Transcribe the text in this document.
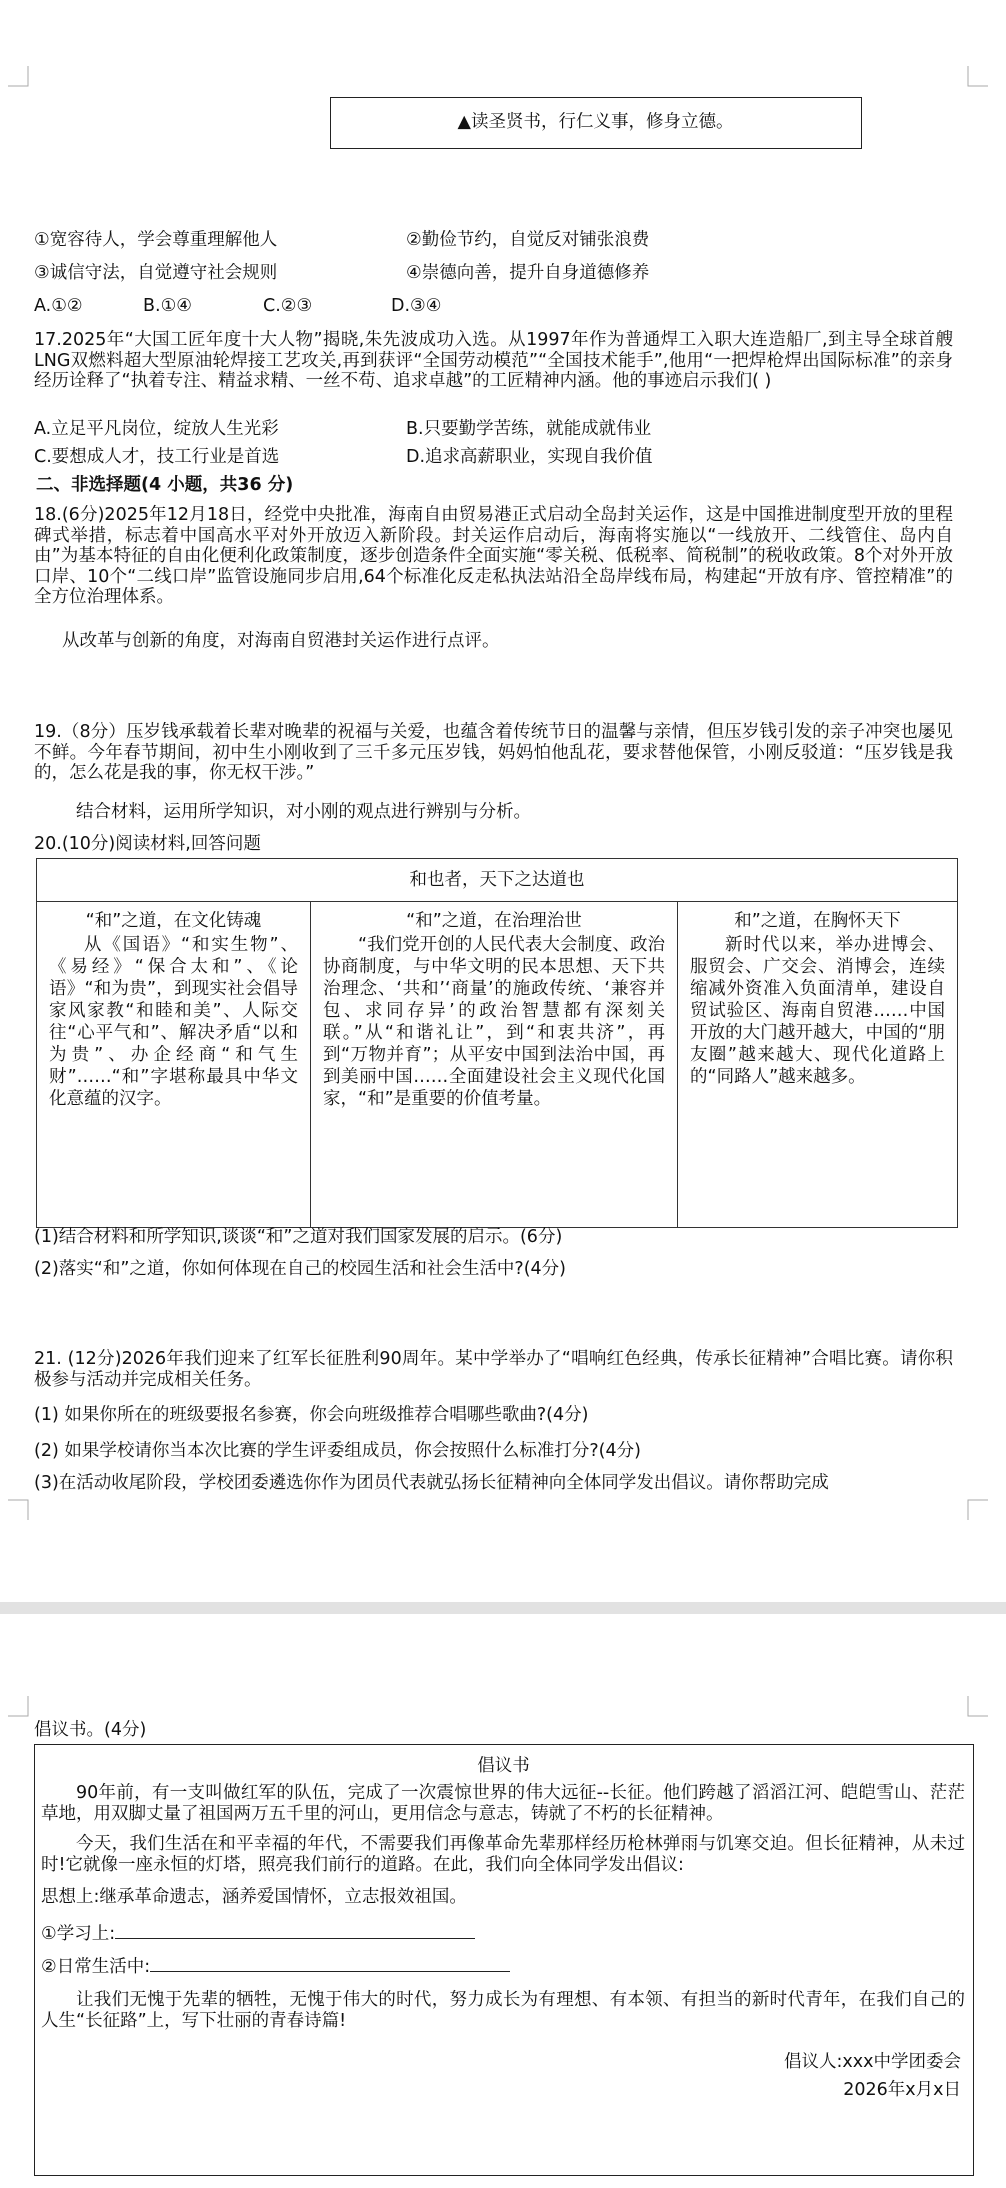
▲读圣贤书，行仁义事，修身立德。
①宽容待人，学会尊重理解他人	②勤俭节约，自觉反对铺张浪费
③诚信守法，自觉遵守社会规则	④崇德向善，提升自身道德修养
A.①②	B.①④	C.②③	D.③④

17.2025年“大国工匠年度十大人物”揭晓,朱先波成功入选。从1997年作为普通焊工入职大连造船厂,到主导全球首艘LNG双燃料超大型原油轮焊接工艺攻关,再到获评“全国劳动模范”“全国技术能手”,他用“一把焊枪焊出国际标准”的亲身经历诠释了“执着专注、精益求精、一丝不苟、追求卓越”的工匠精神内涵。他的事迹启示我们( )

A.立足平凡岗位，绽放人生光彩	B.只要勤学苦练，就能成就伟业
C.要想成人才，技工行业是首选	D.追求高薪职业，实现自我价值
二、非选择题(4 小题，共36 分)

18.(6分)2025年12月18日，经党中央批准，海南自由贸易港正式启动全岛封关运作，这是中国推进制度型开放的里程碑式举措，标志着中国高水平对外开放迈入新阶段。封关运作启动后，海南将实施以“一线放开、二线管住、岛内自由”为基本特征的自由化便利化政策制度，逐步创造条件全面实施“零关税、低税率、简税制”的税收政策。8个对外开放口岸、10个“二线口岸”监管设施同步启用,64个标准化反走私执法站沿全岛岸线布局，构建起“开放有序、管控精准”的全方位治理体系。

从改革与创新的角度，对海南自贸港封关运作进行点评。

19.（8分）压岁钱承载着长辈对晚辈的祝福与关爱，也蕴含着传统节日的温馨与亲情，但压岁钱引发的亲子冲突也屡见不鲜。今年春节期间，初中生小刚收到了三千多元压岁钱，妈妈怕他乱花，要求替他保管，小刚反驳道：“压岁钱是我的，怎么花是我的事，你无权干涉。”

结合材料，运用所学知识，对小刚的观点进行辨别与分析。
20.(10分)阅读材料,回答问题
和也者，天下之达道也

“和”之道，在文化铸魂
从《国语》“和实生物”、《易经》“保合太和”、《论语》“和为贵”，到现实社会倡导家风家教“和睦和美”、人际交往“心平气和”、解决矛盾“以和为贵”、办企经商“和气生财”……“和”字堪称最具中华文化意蕴的汉字。

“和”之道，在治理治世
“我们党开创的人民代表大会制度、政治协商制度，与中华文明的民本思想、天下共治理念、‘共和’‘商量’的施政传统、‘兼容并包、求同存异’的政治智慧都有深刻关联。”从“和谐礼让”，到“和衷共济”，再到“万物并育”；从平安中国到法治中国，再到美丽中国……全面建设社会主义现代化国家，“和”是重要的价值考量。

和”之道，在胸怀天下
新时代以来，举办进博会、服贸会、广交会、消博会，连续缩减外资准入负面清单，建设自贸试验区、海南自贸港……中国开放的大门越开越大，中国的“朋友圈”越来越大、现代化道路上的“同路人”越来越多。
(1)结合材料和所学知识,谈谈“和”之道对我们国家发展的启示。(6分)
(2)落实“和”之道，你如何体现在自己的校园生活和社会生活中?(4分)

21. (12分)2026年我们迎来了红军长征胜利90周年。某中学举办了“唱响红色经典，传承长征精神”合唱比赛。请你积极参与活动并完成相关任务。

(1) 如果你所在的班级要报名参赛，你会向班级推荐合唱哪些歌曲?(4分)
(2) 如果学校请你当本次比赛的学生评委组成员，你会按照什么标准打分?(4分)
(3)在活动收尾阶段，学校团委遴选你作为团员代表就弘扬长征精神向全体同学发出倡议。请你帮助完成
倡议书。(4分)
倡议书

90年前，有一支叫做红军的队伍，完成了一次震惊世界的伟大远征--长征。他们跨越了滔滔江河、皑皑雪山、茫茫草地，用双脚丈量了祖国两万五千里的河山，更用信念与意志，铸就了不朽的长征精神。

今天，我们生活在和平幸福的年代，不需要我们再像革命先辈那样经历枪林弹雨与饥寒交迫。但长征精神，从未过时!它就像一座永恒的灯塔，照亮我们前行的道路。在此，我们向全体同学发出倡议:

思想上:继承革命遗志，涵养爱国情怀，立志报效祖国。
①学习上:
②日常生活中:

让我们无愧于先辈的牺牲，无愧于伟大的时代，努力成长为有理想、有本领、有担当的新时代青年，在我们自己的人生“长征路”上，写下壮丽的青春诗篇!

倡议人:xxx中学团委会
2026年x月x日
